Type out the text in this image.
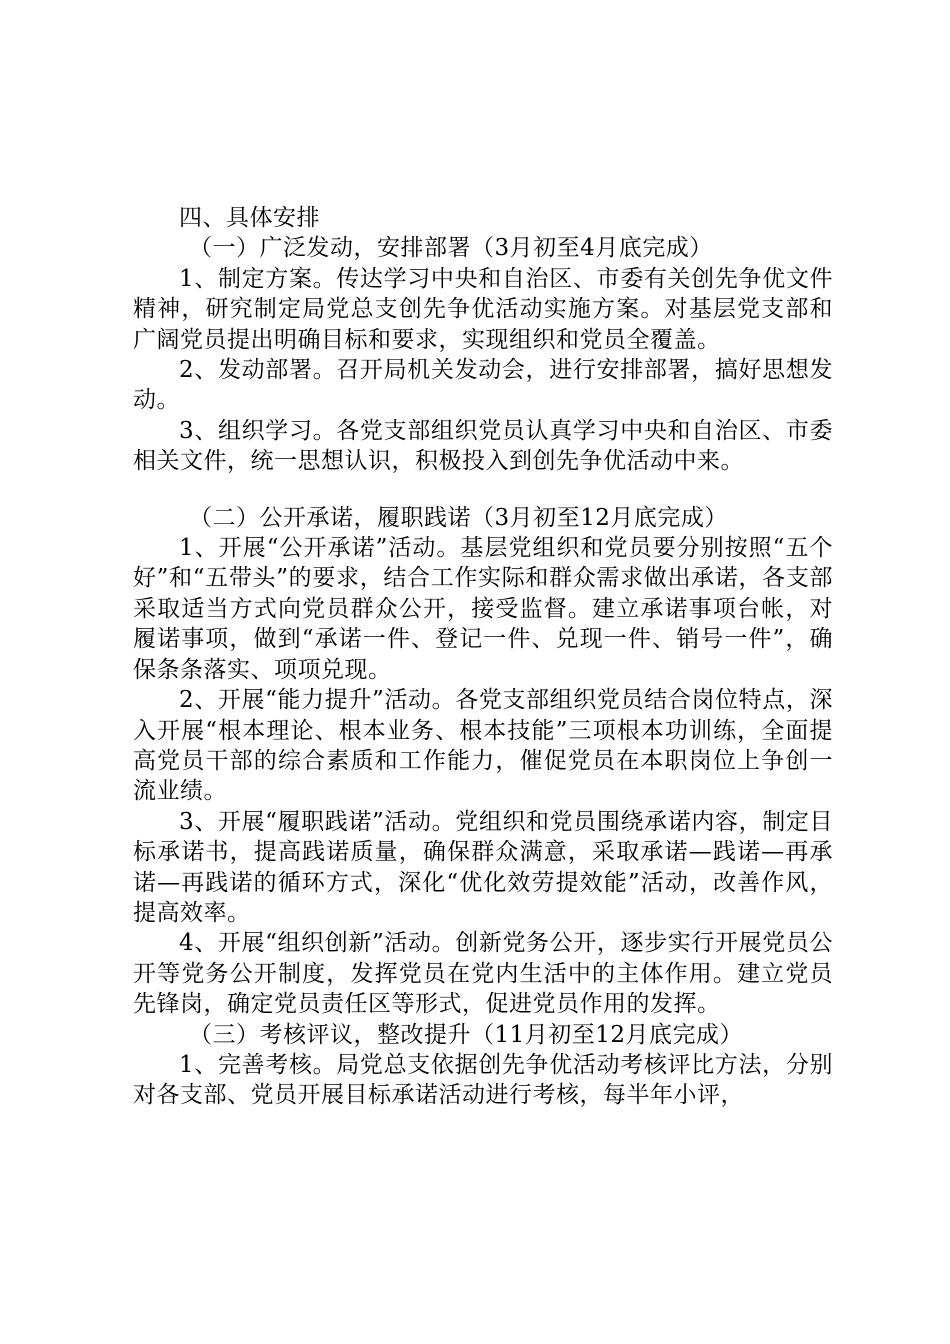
四、具体安排

（一）广泛发动，安排部署（3月初至4月底完成）

1、制定方案。传达学习中央和自治区、市委有关创先争优文件精神，研究制定局党总支创先争优活动实施方案。对基层党支部和广阔党员提出明确目标和要求，实现组织和党员全覆盖。

2、发动部署。召开局机关发动会，进行安排部署，搞好思想发动。

3、组织学习。各党支部组织党员认真学习中央和自治区、市委相关文件，统一思想认识，积极投入到创先争优活动中来。

（二）公开承诺，履职践诺（3月初至12月底完成）

1、开展“公开承诺”活动。基层党组织和党员要分别按照“五个好”和“五带头”的要求，结合工作实际和群众需求做出承诺，各支部采取适当方式向党员群众公开，接受监督。建立承诺事项台帐，对履诺事项，做到“承诺一件、登记一件、兑现一件、销号一件”，确保条条落实、项项兑现。

2、开展“能力提升”活动。各党支部组织党员结合岗位特点，深入开展“根本理论、根本业务、根本技能”三项根本功训练，全面提高党员干部的综合素质和工作能力，催促党员在本职岗位上争创一流业绩。

3、开展“履职践诺”活动。党组织和党员围绕承诺内容，制定目标承诺书，提高践诺质量，确保群众满意，采取承诺—践诺—再承诺—再践诺的循环方式，深化“优化效劳提效能”活动，改善作风，提高效率。

4、开展“组织创新”活动。创新党务公开，逐步实行开展党员公开等党务公开制度，发挥党员在党内生活中的主体作用。建立党员先锋岗，确定党员责任区等形式，促进党员作用的发挥。

（三）考核评议，整改提升（11月初至12月底完成）

1、完善考核。局党总支依据创先争优活动考核评比方法，分别对各支部、党员开展目标承诺活动进行考核，每半年小评，
